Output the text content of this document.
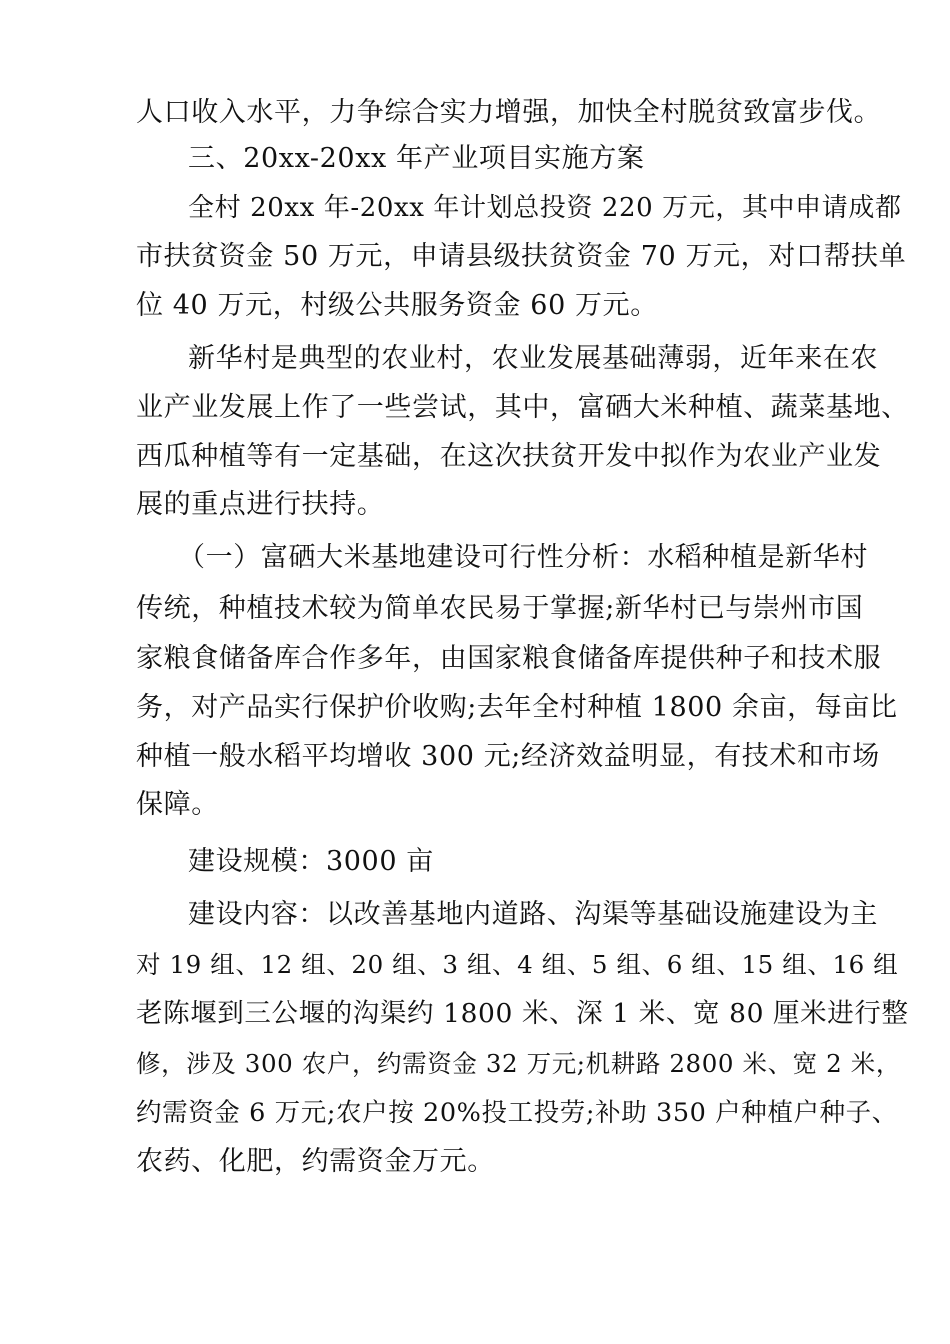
人口收入水平，力争综合实力增强，加快全村脱贫致富步伐。
三、20xx-20xx 年产业项目实施方案
全村 20xx 年-20xx 年计划总投资 220 万元，其中申请成都
市扶贫资金 50 万元，申请县级扶贫资金 70 万元，对口帮扶单
位 40 万元，村级公共服务资金 60 万元。
新华村是典型的农业村，农业发展基础薄弱，近年来在农
业产业发展上作了一些尝试，其中，富硒大米种植、蔬菜基地、
西瓜种植等有一定基础，在这次扶贫开发中拟作为农业产业发
展的重点进行扶持。
（一）富硒大米基地建设可行性分析：水稻种植是新华村
传统，种植技术较为简单农民易于掌握;新华村已与崇州市国
家粮食储备库合作多年，由国家粮食储备库提供种子和技术服
务，对产品实行保护价收购;去年全村种植 1800 余亩，每亩比
种植一般水稻平均增收 300 元;经济效益明显，有技术和市场
保障。
建设规模：3000 亩
建设内容：以改善基地内道路、沟渠等基础设施建设为主
对 19 组、12 组、20 组、3 组、4 组、5 组、6 组、15 组、16 组
老陈堰到三公堰的沟渠约 1800 米、深 1 米、宽 80 厘米进行整
修，涉及 300 农户，约需资金 32 万元;机耕路 2800 米、宽 2 米，
约需资金 6 万元;农户按 20%投工投劳;补助 350 户种植户种子、
农药、化肥，约需资金万元。
